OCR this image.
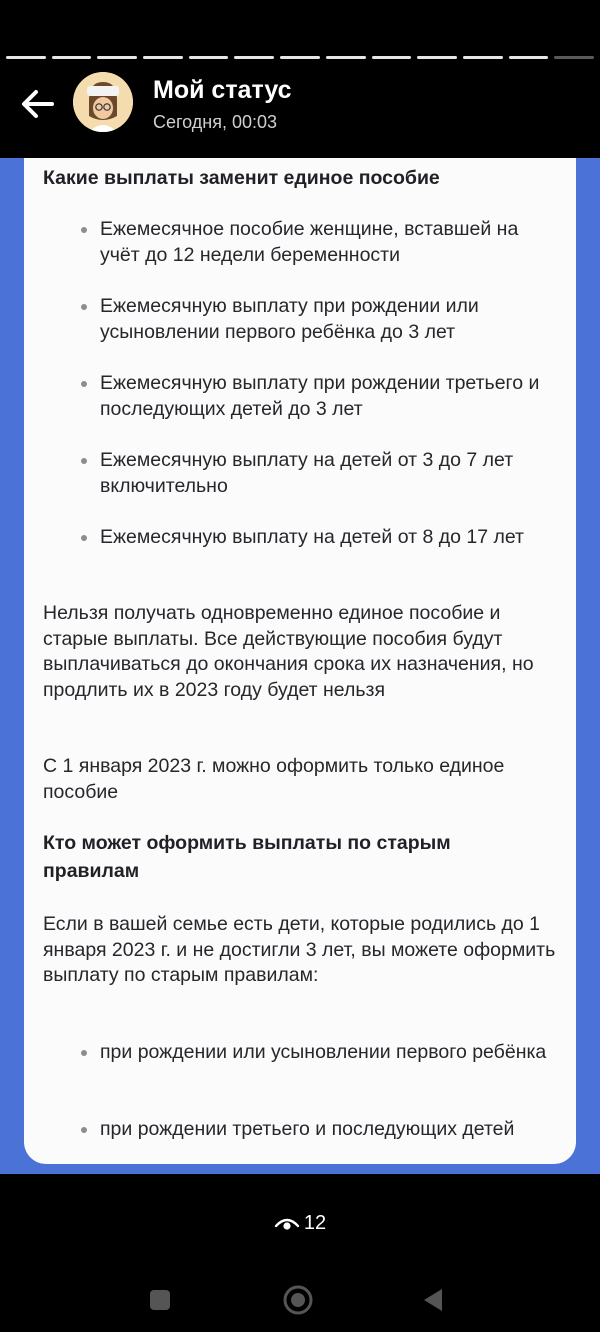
Мой статус
Сегодня, 00:03
Какие выплаты заменит единое пособие
Ежемесячное пособие женщине, вставшей на учёт до 12 недели беременности
Ежемесячную выплату при рождении или усыновлении первого ребёнка до 3 лет
Ежемесячную выплату при рождении третьего и последующих детей до 3 лет
Ежемесячную выплату на детей от 3 до 7 лет включительно
Ежемесячную выплату на детей от 8 до 17 лет
Нельзя получать одновременно единое пособие и старые выплаты. Все действующие пособия будут выплачиваться до окончания срока их назначения, но продлить их в 2023 году будет нельзя
С 1 января 2023 г. можно оформить только единое пособие
Кто может оформить выплаты по старым правилам
Если в вашей семье есть дети, которые родились до 1 января 2023 г. и не достигли 3 лет, вы можете оформить выплату по старым правилам:
при рождении или усыновлении первого ребёнка
при рождении третьего и последующих детей
12
